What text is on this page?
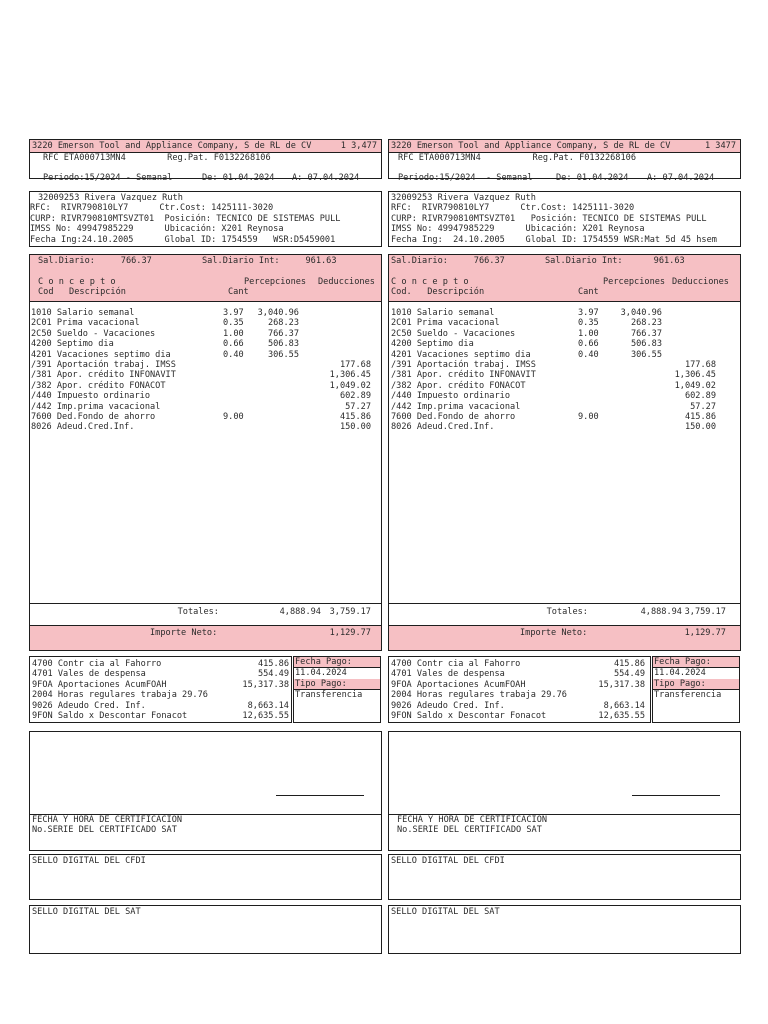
3220 Emerson Tool and Appliance Company, S de RL de CV	1 3,477
RFC ETA000713MN4        Reg.Pat. F0132268106
Periodo:15/2024 - Semanal	De: 01.04.2024 A: 07.04.2024
32009253 Rivera Vazquez Ruth
RFC:  RIVR790810LY7      Ctr.Cost: 1425111-3020
CURP: RIVR790810MTSVZT01  Posición: TECNICO DE SISTEMAS PULL
IMSS No: 49947985229      Ubicación: X201 Reynosa
Fecha Ing:24.10.2005      Global ID: 1754559   WSR:D5459001
Sal.Diario:     766.37	Sal.Diario Int:     961.63
C o n c e p t o
Cod   Descripción	Cant
Percepciones Deducciones
1010 Salario semanal	3.97 3,040.96
2C01 Prima vacacional	0.35	268.23
2C50 Sueldo - Vacaciones	1.00	766.37
4200 Septimo dia	0.66	506.83
4201 Vacaciones septimo dia	0.40	306.55
/391 Aportación trabaj. IMSS	177.68
/381 Apor. crédito INFONAVIT	1,306.45
/382 Apor. crédito FONACOT	1,049.02
/440 Impuesto ordinario	602.89
/442 Imp.prima vacacional	57.27
7600 Ded.Fondo de ahorro	9.00	415.86
8026 Adeud.Cred.Inf.	150.00
Totales:	4,888.94 3,759.17
Importe Neto:	1,129.77
4700 Contr cia al Fahorro	415.86
4701 Vales de despensa	554.49
9FOA Aportaciones AcumFOAH	15,317.38
2004 Horas regulares trabaja 29.76
9026 Adeudo Cred. Inf.	8,663.14
9FON Saldo x Descontar Fonacot	12,635.55
Fecha Pago:
11.04.2024
Tipo Pago:
Transferencia
FECHA Y HORA DE CERTIFICACION
No.SERIE DEL CERTIFICADO SAT
SELLO DIGITAL DEL CFDI
SELLO DIGITAL DEL SAT
3220 Emerson Tool and Appliance Company, S de RL de CV	1 3477
RFC ETA000713MN4          Reg.Pat. F0132268106
Periodo:15/2024  - Semanal	De: 01.04.2024 A: 07.04.2024
32009253 Rivera Vazquez Ruth
RFC:  RIVR790810LY7      Ctr.Cost: 1425111-3020
CURP: RIVR790810MTSVZT01   Posición: TECNICO DE SISTEMAS PULL
IMSS No: 49947985229      Ubicación: X201 Reynosa
Fecha Ing:  24.10.2005    Global ID: 1754559 WSR:Mat 5d 45 hsem
Sal.Diario:     766.37	Sal.Diario Int:      961.63
C o n c e p t o
Cod.   Descripción	Cant
Percepciones Deducciones
1010 Salario semanal	3.97	3,040.96
2C01 Prima vacacional	0.35	268.23
2C50 Sueldo - Vacaciones	1.00	766.37
4200 Septimo dia	0.66	506.83
4201 Vacaciones septimo dia	0.40	306.55
/391 Aportación trabaj. IMSS	177.68
/381 Apor. crédito INFONAVIT	1,306.45
/382 Apor. crédito FONACOT	1,049.02
/440 Impuesto ordinario	602.89
/442 Imp.prima vacacional	57.27
7600 Ded.Fondo de ahorro	9.00	415.86
8026 Adeud.Cred.Inf.	150.00
Totales:	4,888.94 3,759.17
Importe Neto:	1,129.77
4700 Contr cia al Fahorro	415.86
4701 Vales de despensa	554.49
9FOA Aportaciones AcumFOAH	15,317.38
2004 Horas regulares trabaja 29.76
9026 Adeudo Cred. Inf.	8,663.14
9FON Saldo x Descontar Fonacot	12,635.55
Fecha Pago:
11.04.2024
Tipo Pago:
Transferencia
FECHA Y HORA DE CERTIFICACION
No.SERIE DEL CERTIFICADO SAT
SELLO DIGITAL DEL CFDI
SELLO DIGITAL DEL SAT
